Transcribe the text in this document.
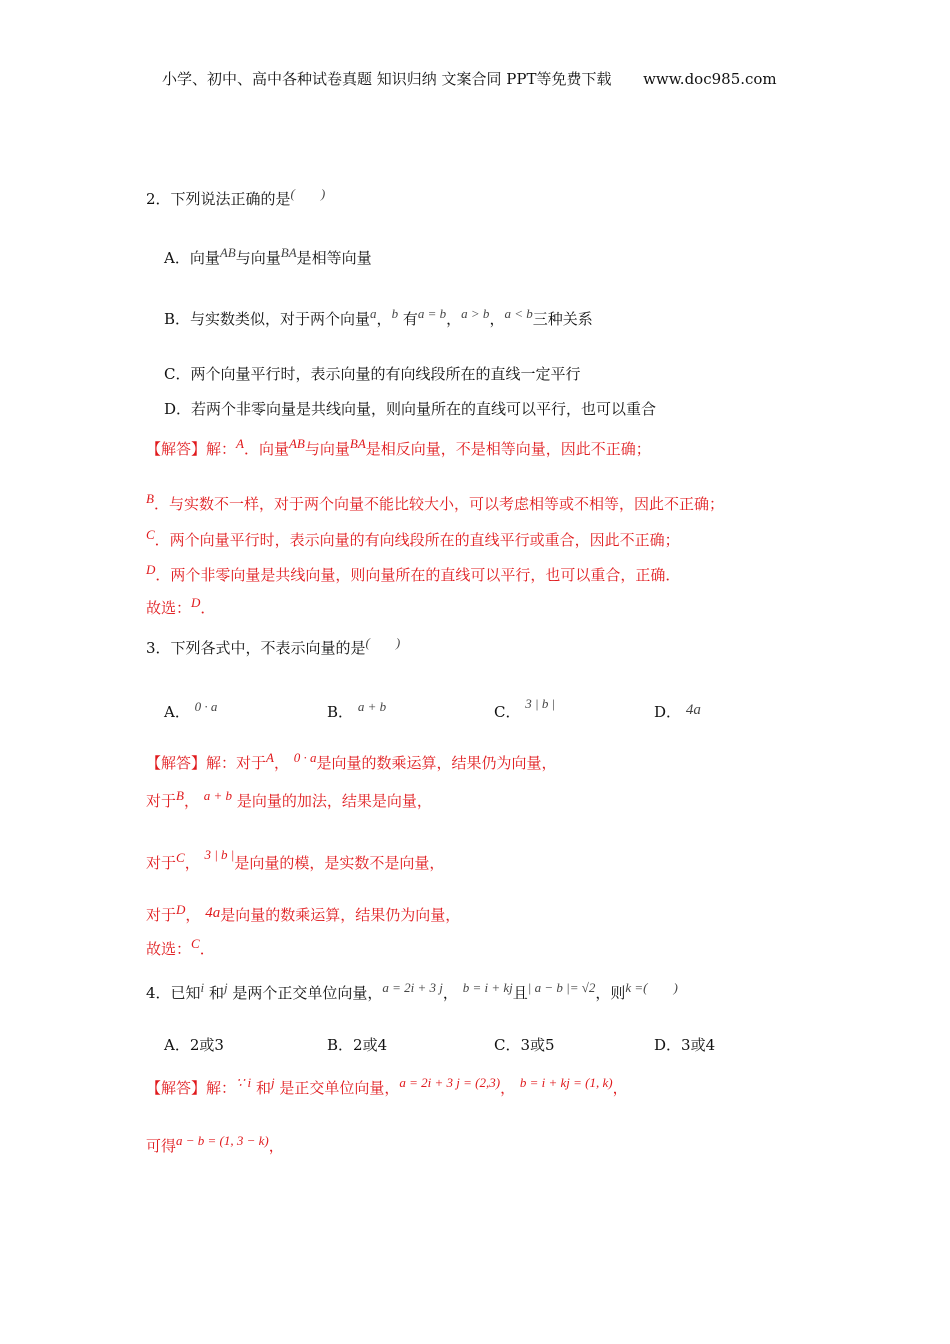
小学、初中、高中各种试卷真题 知识归纳 文案合同 PPT等免费下载 www.doc985.com
2．下列说法正确的是(　　)
A．向量AB与向量BA是相等向量
B．与实数类似，对于两个向量a，b 有a = b，a > b，a < b三种关系
C．两个向量平行时，表示向量的有向线段所在的直线一定平行
D．若两个非零向量是共线向量，则向量所在的直线可以平行，也可以重合
【解答】解：A．向量AB与向量BA是相反向量，不是相等向量，因此不正确；
B．与实数不一样，对于两个向量不能比较大小，可以考虑相等或不相等，因此不正确；
C．两个向量平行时，表示向量的有向线段所在的直线平行或重合，因此不正确；
D．两个非零向量是共线向量，则向量所在的直线可以平行，也可以重合，正确．
故选：D．
3．下列各式中，不表示向量的是(　　)
A． 0 · a	B． a + b	C． 3 | b |	D． 4a
【解答】解：对于A， 0 · a是向量的数乘运算，结果仍为向量，
对于B， a + b 是向量的加法，结果是向量，
对于C， 3 | b |是向量的模，是实数不是向量，
对于D， 4a是向量的数乘运算，结果仍为向量，
故选：C．
4．已知i 和j 是两个正交单位向量，a = 2i + 3 j， b = i + kj且| a − b |= √2，则k =(　　)
A．2或3	B．2或4	C．3或5	D．3或4
【解答】解：∵ i 和j 是正交单位向量，a = 2i + 3 j = (2,3)， b = i + kj = (1, k)，
可得a − b = (1, 3 − k)，
